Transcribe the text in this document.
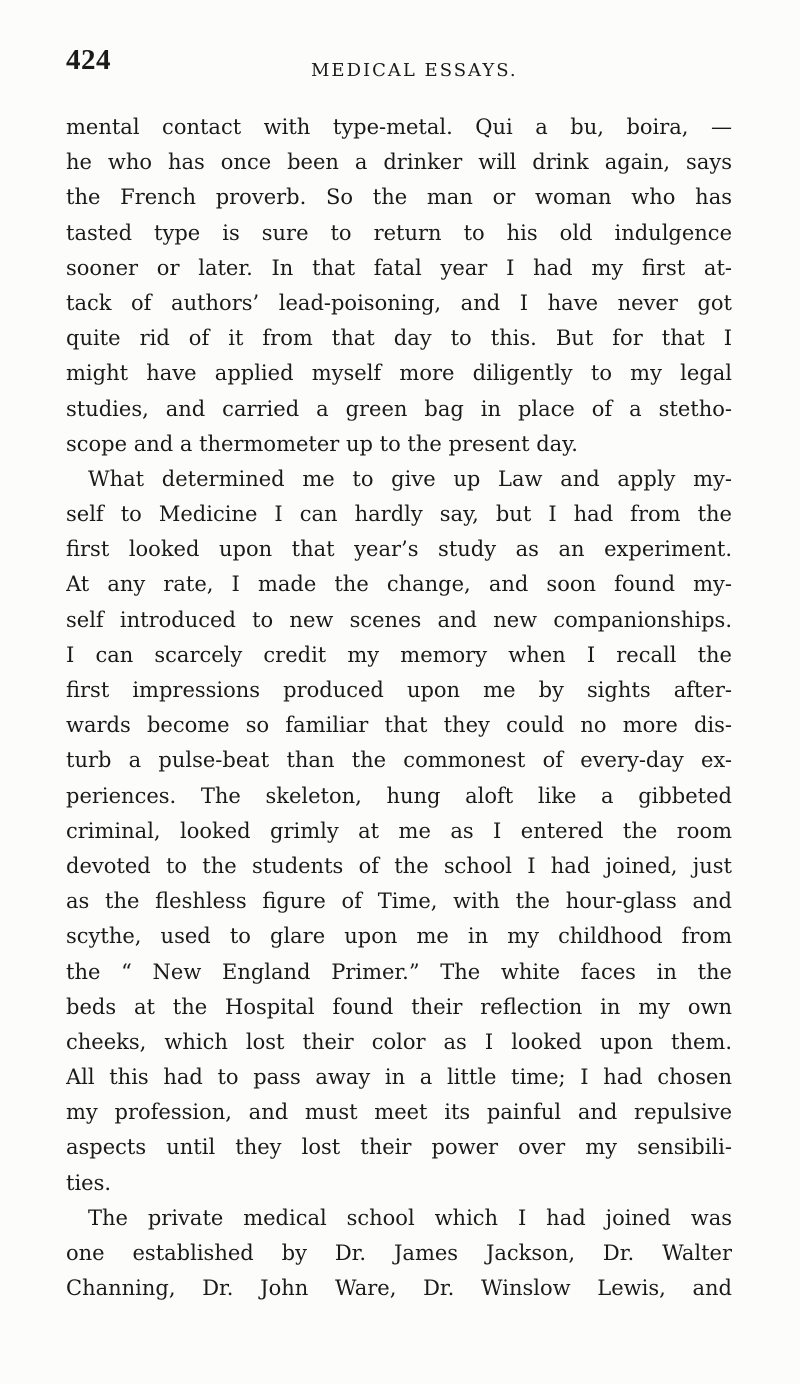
424	MEDICAL ESSAYS.
mental contact with type-metal. Qui a bu, boira, —
he who has once been a drinker will drink again, says
the French proverb. So the man or woman who has
tasted type is sure to return to his old indulgence
sooner or later. In that fatal year I had my first at-
tack of authors’ lead-poisoning, and I have never got
quite rid of it from that day to this. But for that I
might have applied myself more diligently to my legal
studies, and carried a green bag in place of a stetho-
scope and a thermometer up to the present day.
What determined me to give up Law and apply my-
self to Medicine I can hardly say, but I had from the
first looked upon that year’s study as an experiment.
At any rate, I made the change, and soon found my-
self introduced to new scenes and new companionships.
I can scarcely credit my memory when I recall the
first impressions produced upon me by sights after-
wards become so familiar that they could no more dis-
turb a pulse-beat than the commonest of every-day ex-
periences. The skeleton, hung aloft like a gibbeted
criminal, looked grimly at me as I entered the room
devoted to the students of the school I had joined, just
as the fleshless figure of Time, with the hour-glass and
scythe, used to glare upon me in my childhood from
the “ New England Primer.” The white faces in the
beds at the Hospital found their reflection in my own
cheeks, which lost their color as I looked upon them.
All this had to pass away in a little time; I had chosen
my profession, and must meet its painful and repulsive
aspects until they lost their power over my sensibili-
ties.
The private medical school which I had joined was
one established by Dr. James Jackson, Dr. Walter
Channing, Dr. John Ware, Dr. Winslow Lewis, and
